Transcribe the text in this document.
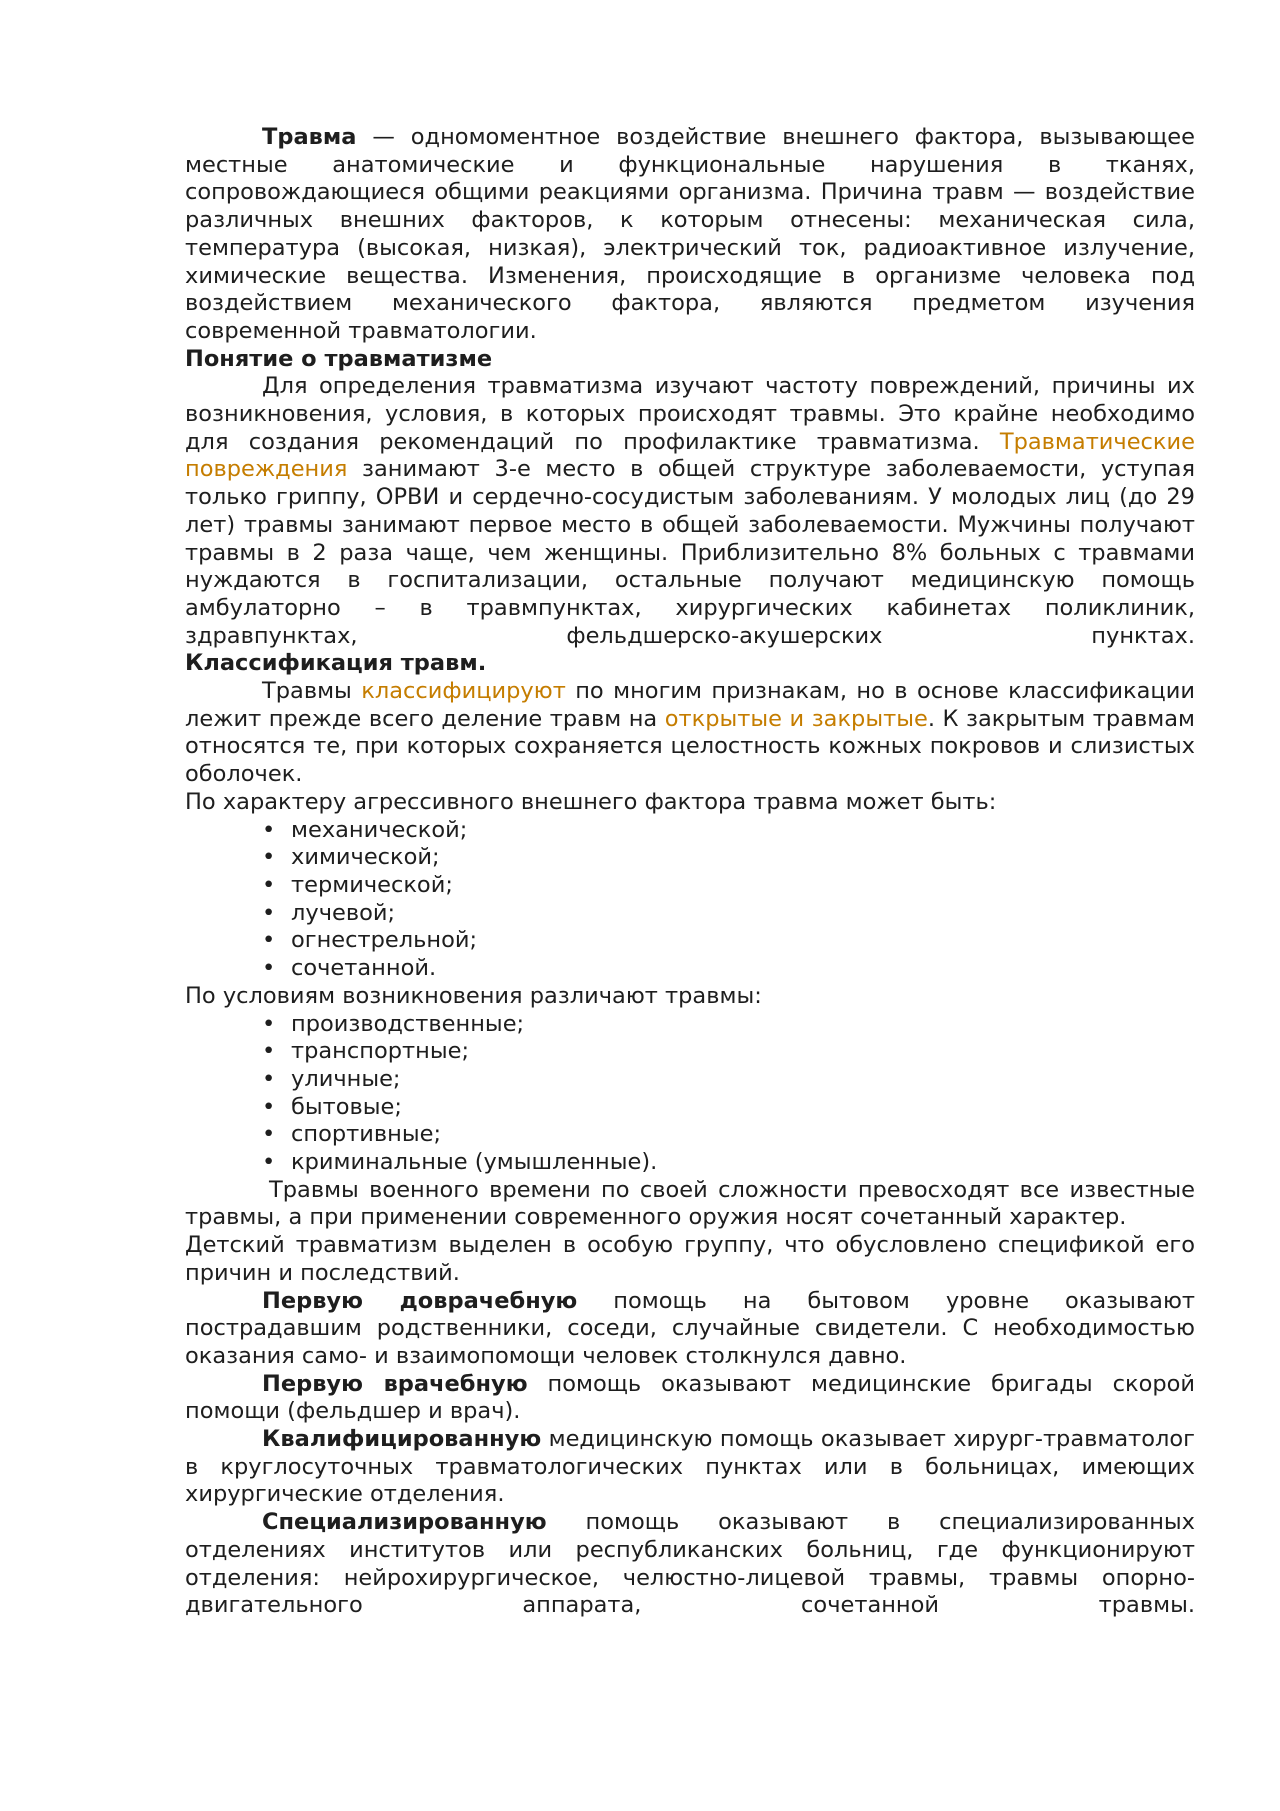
Травма — одномоментное воздействие внешнего фактора, вызывающее местные анатомические и функциональные нарушения в тканях, сопровождающиеся общими реакциями организма. Причина травм — воздействие различных внешних факторов, к которым отнесены: механическая сила, температура (высокая, низкая), электрический ток, радиоактивное излучение, химические вещества. Изменения, происходящие в организме человека под воздействием механического фактора, являются предметом изучения современной травматологии.

Понятие о травматизме

Для определения травматизма изучают частоту повреждений, причины их возникновения, условия, в которых происходят травмы. Это крайне необходимо для создания рекомендаций по профилактике травматизма. Травматические повреждения занимают 3-е место в общей структуре заболеваемости, уступая только гриппу, ОРВИ и сердечно-сосудистым заболеваниям. У молодых лиц (до 29 лет) травмы занимают первое место в общей заболеваемости. Мужчины получают травмы в 2 раза чаще, чем женщины. Приблизительно 8% больных с травмами нуждаются в госпитализации, остальные получают медицинскую помощь амбулаторно – в травмпунктах, хирургических кабинетах поликлиник, здравпунктах, фельдшерско-акушерских пунктах.

Классификация травм.

Травмы классифицируют по многим признакам, но в основе классификации лежит прежде всего деление травм на открытые и закрытые. К закрытым травмам относятся те, при которых сохраняется целостность кожных покровов и слизистых оболочек.

По характеру агрессивного внешнего фактора травма может быть:

• механической;
• химической;
• термической;
• лучевой;
• огнестрельной;
• сочетанной.

По условиям возникновения различают травмы:

• производственные;
• транспортные;
• уличные;
• бытовые;
• спортивные;
• криминальные (умышленные).

Травмы военного времени по своей сложности превосходят все известные травмы, а при применении современного оружия носят сочетанный характер.

Детский травматизм выделен в особую группу, что обусловлено спецификой его причин и последствий.

Первую доврачебную помощь на бытовом уровне оказывают пострадавшим родственники, соседи, случайные свидетели. С необходимостью оказания само- и взаимопомощи человек столкнулся давно.

Первую врачебную помощь оказывают медицинские бригады скорой помощи (фельдшер и врач).

Квалифицированную медицинскую помощь оказывает хирург-травматолог в круглосуточных травматологических пунктах или в больницах, имеющих хирургические отделения.

Специализированную помощь оказывают в специализированных отделениях институтов или республиканских больниц, где функционируют отделения: нейрохирургическое, челюстно-лицевой травмы, травмы опорно-двигательного аппарата, сочетанной травмы.
